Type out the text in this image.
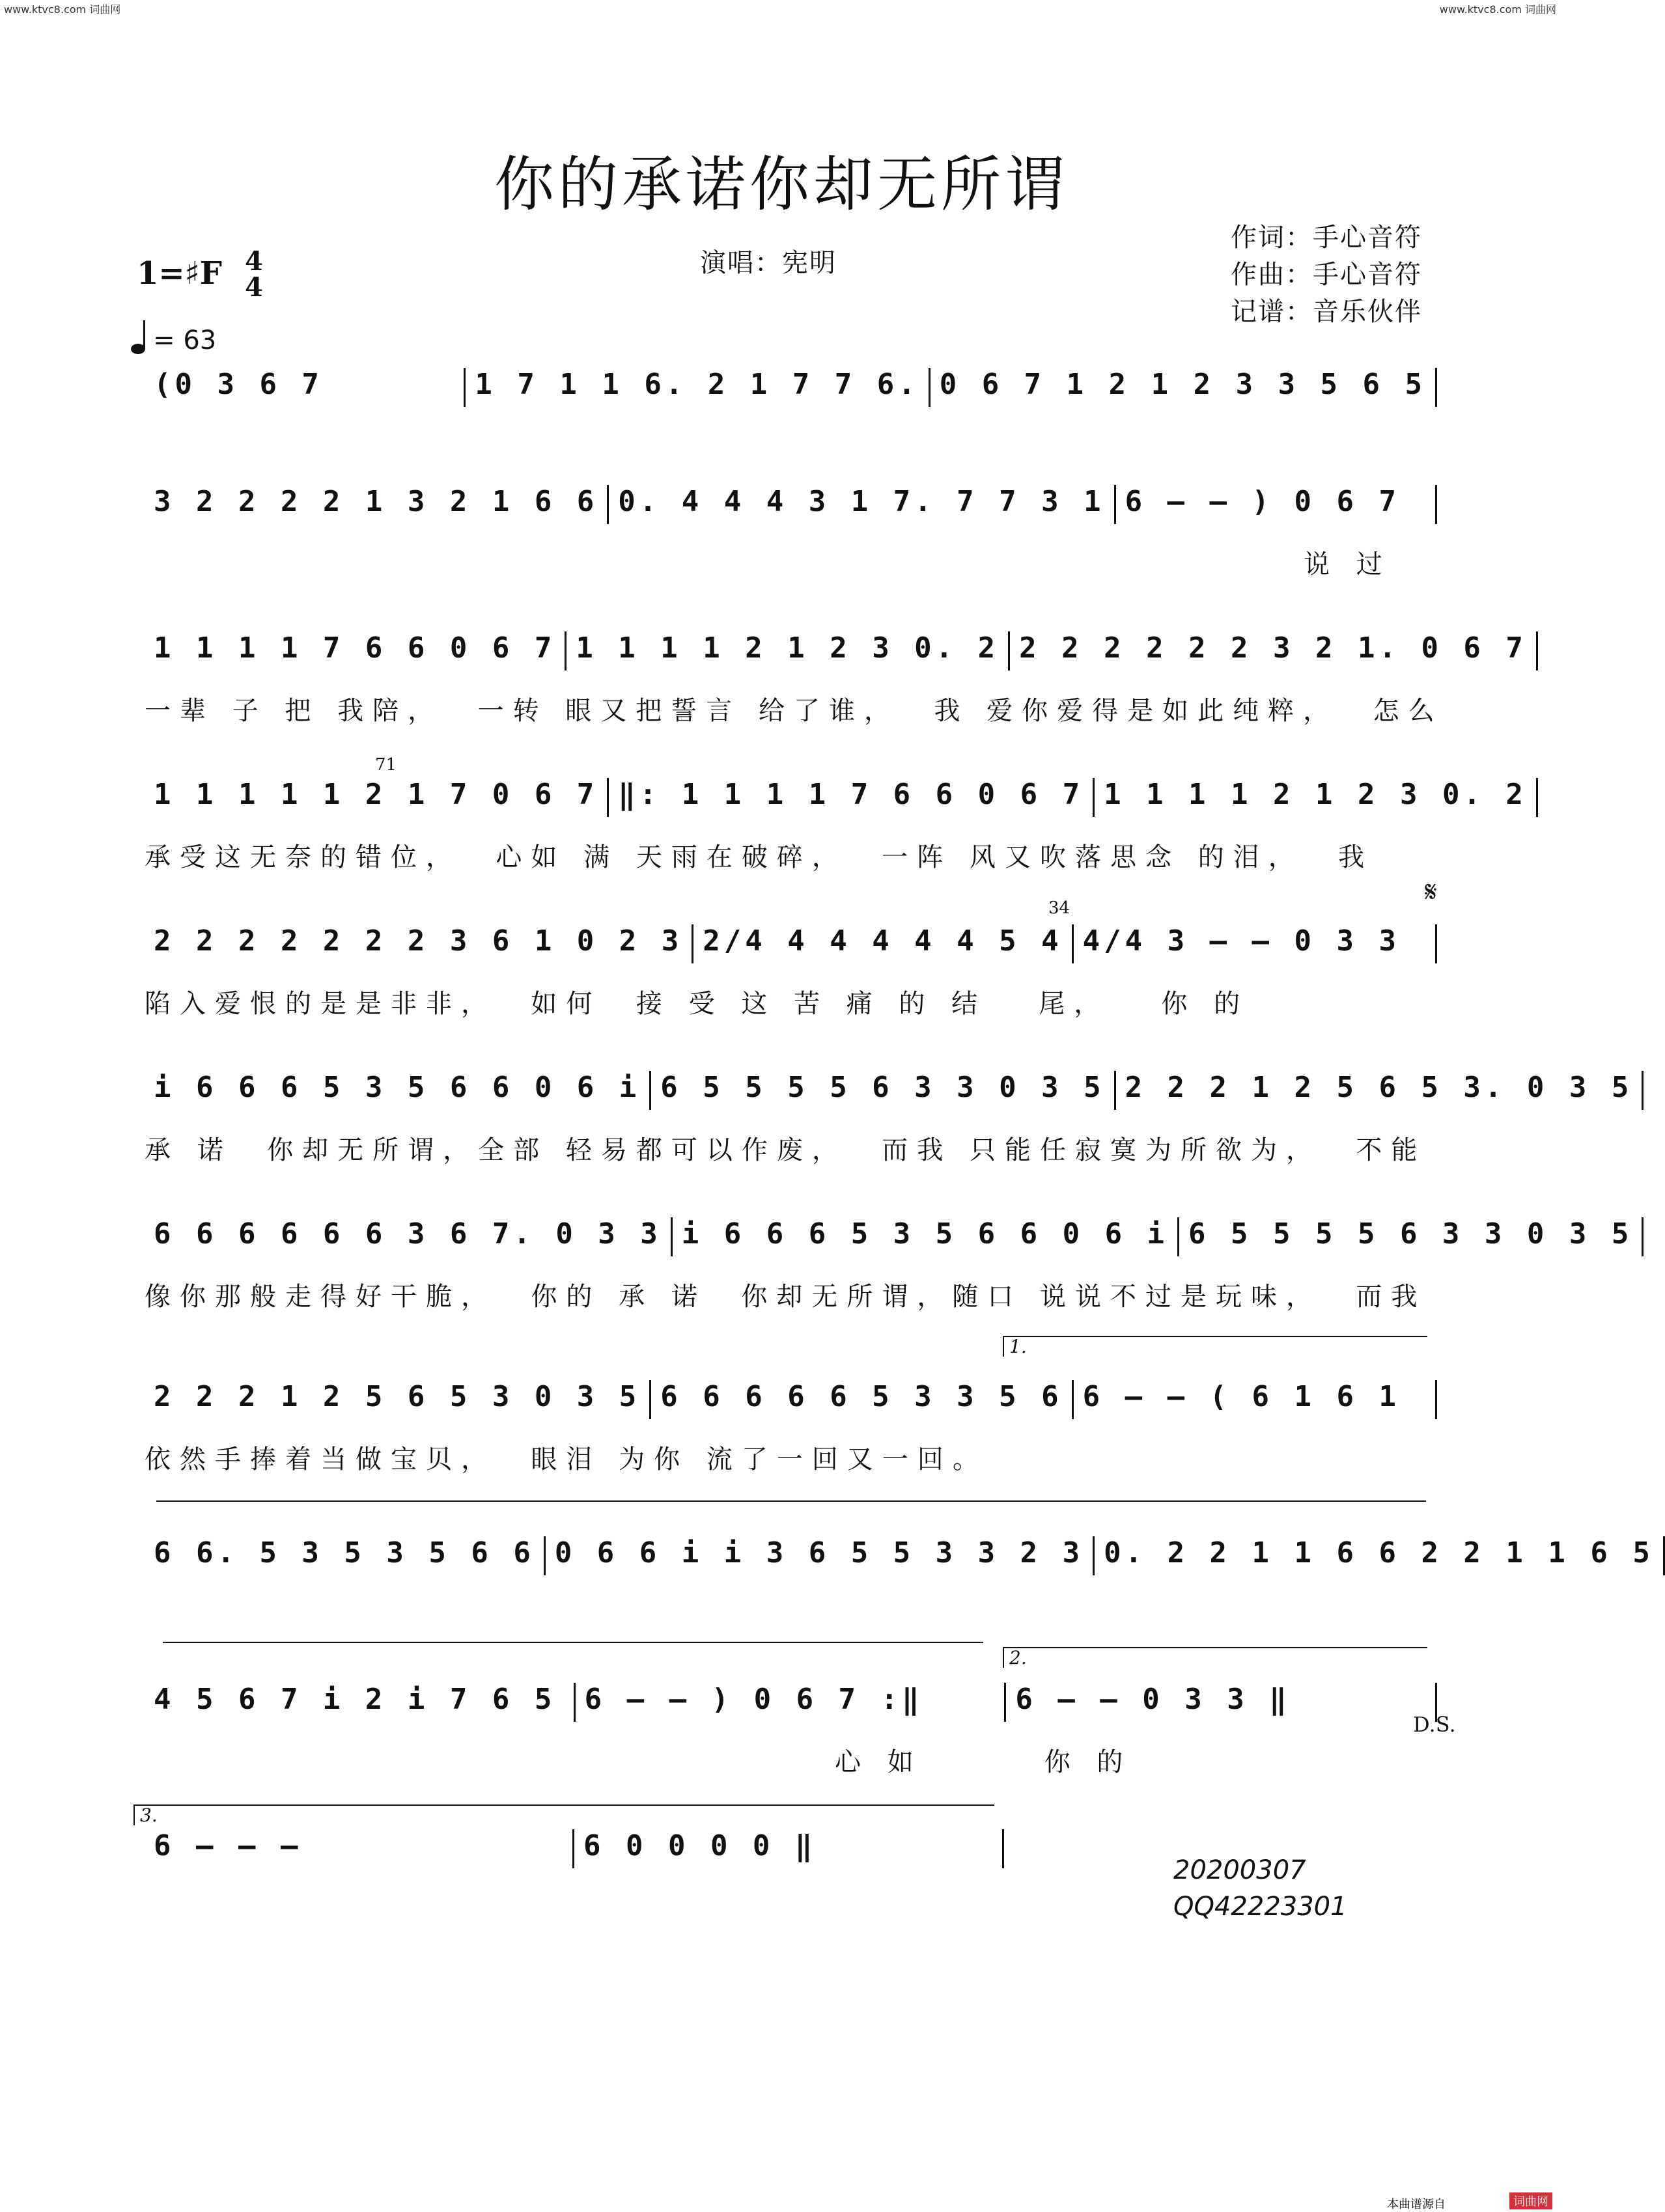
www.ktvc8.com 词曲网	www.ktvc8.com 词曲网
你的承诺你却无所谓
演唱：宪明
作词：手心音符
作曲：手心音符
记谱：音乐伙伴
1=♯F 4
4
= 63
(0 3 6 7	1 7 1 1 6. 2 1 7 7 6. 0 6 7 1 2 1 2 3 3 5 6 5
3 2 2 2 2 1 3 2 1 6 6 0. 4 4 4 3 1 7. 7 7 3 1 6 – – ) 0 6 7
说 过
1 1 1 1 7 6 6 0 6 7 1 1 1 1 2 1 2 3 0. 2 2 2 2 2 2 2 3 2 1. 0 6 7
一辈 子 把 我陪，  一转 眼又把誓言 给了谁，  我 爱你爱得是如此纯粹，  怎么
1 1 1 1 1 2 1 7 0 6 7 ‖: 1 1 1 1 7 6 6 0 6 7 1 1 1 1 2 1 2 3 0. 2
承受这无奈的错位，  心如 满 天雨在破碎，  一阵 风又吹落思念 的泪，  我
2 2 2 2 2 2 2 3 6 1 0 2 3 2/4 4 4 4 4 4 5 4 4/4 3 – – 0 3 3
陷入爱恨的是是非非，  如何  接 受 这 苦 痛 的 结   尾，   你 的
i 6 6 6 5 3 5 6 6 0 6 i 6 5 5 5 5 6 3 3 0 3 5 2 2 2 1 2 5 6 5 3. 0 3 5
承 诺  你却无所谓，全部 轻易都可以作废，  而我 只能任寂寞为所欲为，  不能
6 6 6 6 6 6 3 6 7. 0 3 3 i 6 6 6 5 3 5 6 6 0 6 i 6 5 5 5 5 6 3 3 0 3 5
像你那般走得好干脆，  你的 承 诺  你却无所谓，随口 说说不过是玩味，  而我
2 2 2 1 2 5 6 5 3 0 3 5 6 6 6 6 6 5 3 3 5 6 6 – – ( 6 1 6 1
依然手捧着当做宝贝，  眼泪 为你 流了一回又一回。
6 6. 5 3 5 3 5 6 6 0 6 6 i i 3 6 5 5 3 3 2 3 0. 2 2 1 1 6 6 2 2 1 1 6 5
4 5 6 7 i 2 i 7 6 5	6 – – ) 0 6 7 :‖	6 – – 0 3 3 ‖
心 如       你 的
6 – – –	6 0 0 0 0 ‖
𝄋
71
34
1.
2.
3.
D.S.
20200307
QQ42223301
本曲谱源自	词曲网
